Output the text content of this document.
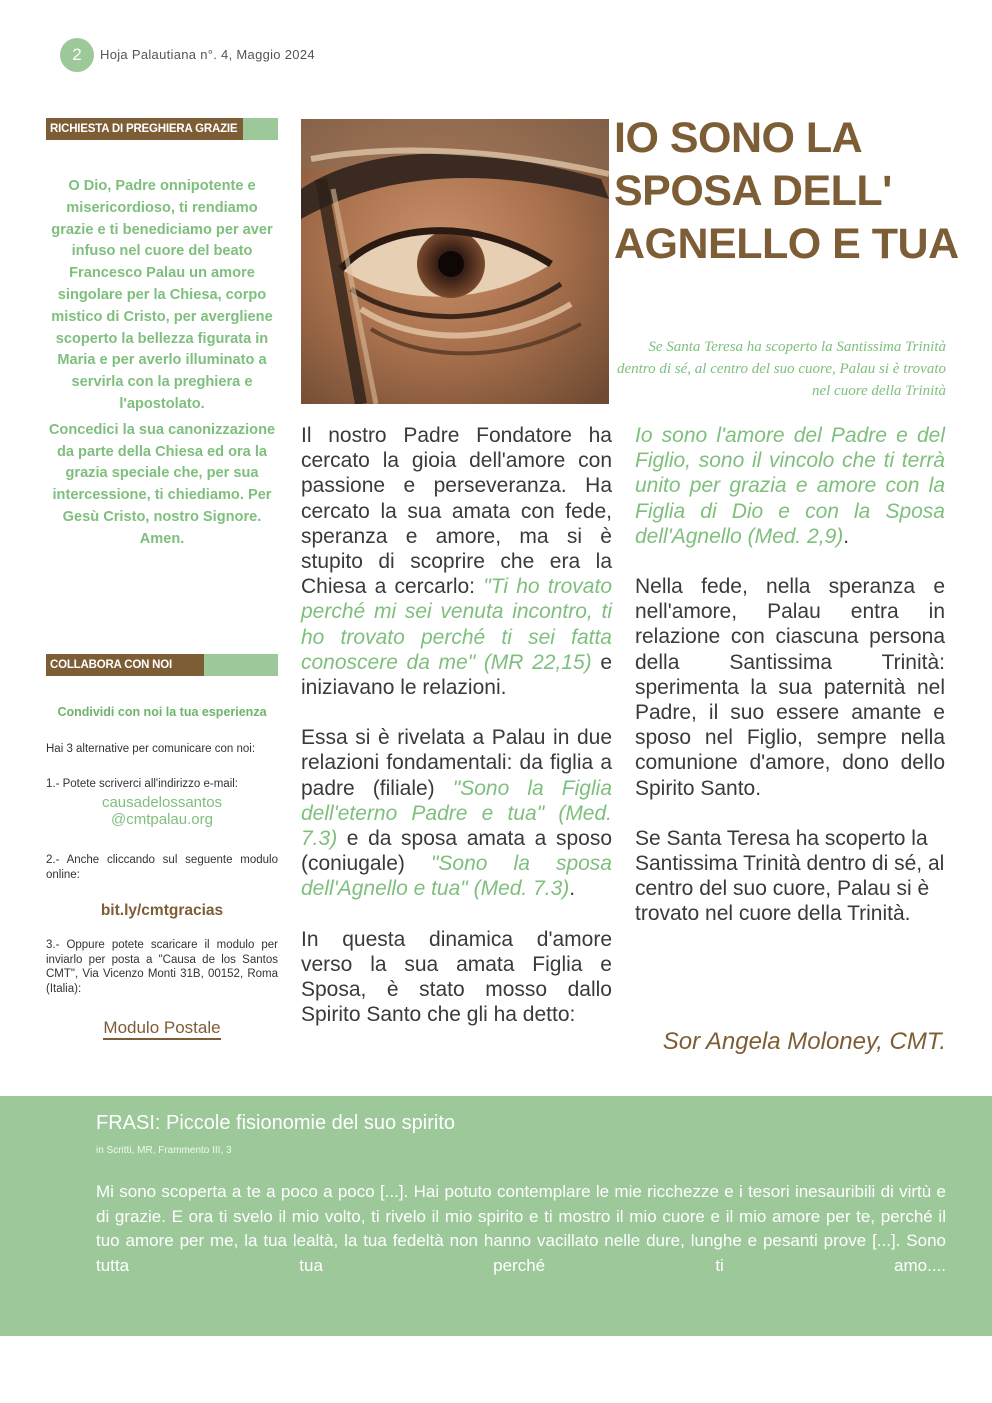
2	Hoja Palautiana n°. 4, Maggio 2024
RICHIESTA DI PREGHIERA GRAZIE

O Dio, Padre onnipotente e misericordioso, ti rendiamo grazie e ti benediciamo per aver infuso nel cuore del beato Francesco Palau un amore singolare per la Chiesa, corpo mistico di Cristo, per avergliene scoperto la bellezza figurata in Maria e per averlo illuminato a servirla con la preghiera e l'apostolato.

Concedici la sua canonizzazione da parte della Chiesa ed ora la grazia speciale che, per sua intercessione, ti chiediamo. Per Gesù Cristo, nostro Signore.

Amen.

COLLABORA CON NOI
Condividi con noi la tua esperienza
Hai 3 alternative per comunicare con noi:
1.- Potete scriverci all'indirizzo e-mail:
causadelossantos
@cmtpalau.org
2.- Anche cliccando sul seguente modulo online:
bit.ly/cmtgracias
3.- Oppure potete scaricare il modulo per inviarlo per posta a "Causa de los Santos CMT", Via Vicenzo Monti 31B, 00152, Roma (Italia):
Modulo Postale
IO SONO LA SPOSA DELL' AGNELLO E TUA
Se Santa Teresa ha scoperto la Santissima Trinità dentro di sé, al centro del suo cuore, Palau si è trovato nel cuore della Trinità

Il nostro Padre Fondatore ha cercato la gioia dell'amore con passione e perseveranza. Ha cercato la sua amata con fede, speranza e amore, ma si è stupito di scoprire che era la Chiesa a cercarlo: "Ti ho trovato perché mi sei venuta incontro, ti ho trovato perché ti sei fatta conoscere da me" (MR 22,15) e iniziavano le relazioni.

Essa si è rivelata a Palau in due relazioni fondamentali: da figlia a padre (filiale) "Sono la Figlia dell'eterno Padre e tua" (Med. 7.3) e da sposa amata a sposo (coniugale) "Sono la sposa dell'Agnello e tua" (Med. 7.3).

In questa dinamica d'amore verso la sua amata Figlia e Sposa, è stato mosso dallo Spirito Santo che gli ha detto:

Io sono l'amore del Padre e del Figlio, sono il vincolo che ti terrà unito per grazia e amore con la Figlia di Dio e con la Sposa dell'Agnello (Med. 2,9).

Nella fede, nella speranza e nell'amore, Palau entra in relazione con ciascuna persona della Santissima Trinità: sperimenta la sua paternità nel Padre, il suo essere amante e sposo nel Figlio, sempre nella comunione d'amore, dono dello Spirito Santo.

Se Santa Teresa ha scoperto la Santissima Trinità dentro di sé, al centro del suo cuore, Palau si è trovato nel cuore della Trinità.

Sor Angela Moloney, CMT.
FRASI: Piccole fisionomie del suo spirito
in Scritti, MR, Frammento III, 3
Mi sono scoperta a te a poco a poco [...]. Hai potuto contemplare le mie ricchezze e i tesori inesauribili di virtù e di grazie. E ora ti svelo il mio volto, ti rivelo il mio spirito e ti mostro il mio cuore e il mio amore per te, perché il tuo amore per me, la tua lealtà, la tua fedeltà non hanno vacillato nelle dure, lunghe e pesanti prove [...]. Sono tutta tua perché ti amo....
